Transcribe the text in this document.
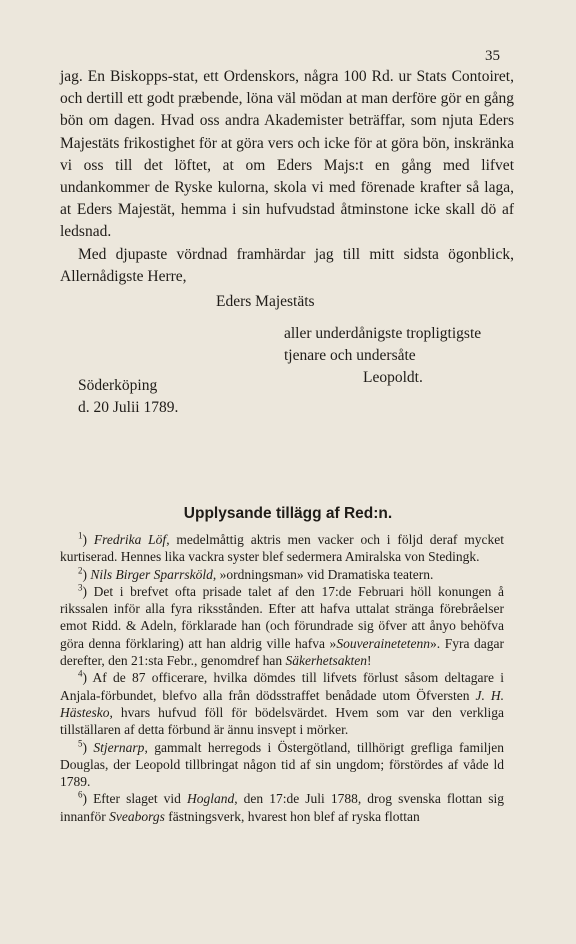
35

jag. En Biskopps-stat, ett Ordenskors, några 100 Rd. ur Stats Contoiret, och dertill ett godt præbende, löna väl mödan at man derföre gör en gång bön om dagen. Hvad oss andra Akademister beträffar, som njuta Eders Majestäts frikostighet för at göra vers och icke för at göra bön, inskränka vi oss till det löftet, at om Eders Majs:t en gång med lifvet undankommer de Ryske kulorna, skola vi med förenade krafter så laga, at Eders Majestät, hemma i sin hufvudstad åtminstone icke skall dö af ledsnad.

Med djupaste vördnad framhärdar jag till mitt sidsta ögonblick, Allernådigste Herre,

Eders Majestäts

aller underdånigste tropligtigste
tjenare och undersåte
Leopoldt.
Söderköping
d. 20 Julii 1789.
Upplysande tillägg af Red:n.

$^1$) Fredrika Löf, medelmåttig aktris men vacker och i följd deraf mycket kurtiserad. Hennes lika vackra syster blef sedermera Amiralska von Stedingk.

$^2$) Nils Birger Sparrsköld, »ordningsman» vid Dramatiska teatern.

$^3$) Det i brefvet ofta prisade talet af den 17:de Februari höll konungen å rikssalen inför alla fyra riksstånden. Efter att hafva uttalat stränga förebråelser emot Ridd. & Adeln, förklarade han (och förundrade sig öfver att ånyo behöfva göra denna förklaring) att han aldrig ville hafva »Souverainetetenn». Fyra dagar derefter, den 21:sta Febr., genomdref han Säkerhetsakten!

$^4$) Af de 87 officerare, hvilka dömdes till lifvets förlust såsom deltagare i Anjala-förbundet, blefvo alla från dödsstraffet benådade utom Öfversten J. H. Hästesko, hvars hufvud föll för bödelsvärdet. Hvem som var den verkliga tillställaren af detta förbund är ännu insvept i mörker.

$^5$) Stjernarp, gammalt herregods i Östergötland, tillhörigt grefliga familjen Douglas, der Leopold tillbringat någon tid af sin ungdom; förstördes af våde ld 1789.

$^6$) Efter slaget vid Hogland, den 17:de Juli 1788, drog svenska flottan sig innanför Sveaborgs fästningsverk, hvarest hon blef af ryska flottan
